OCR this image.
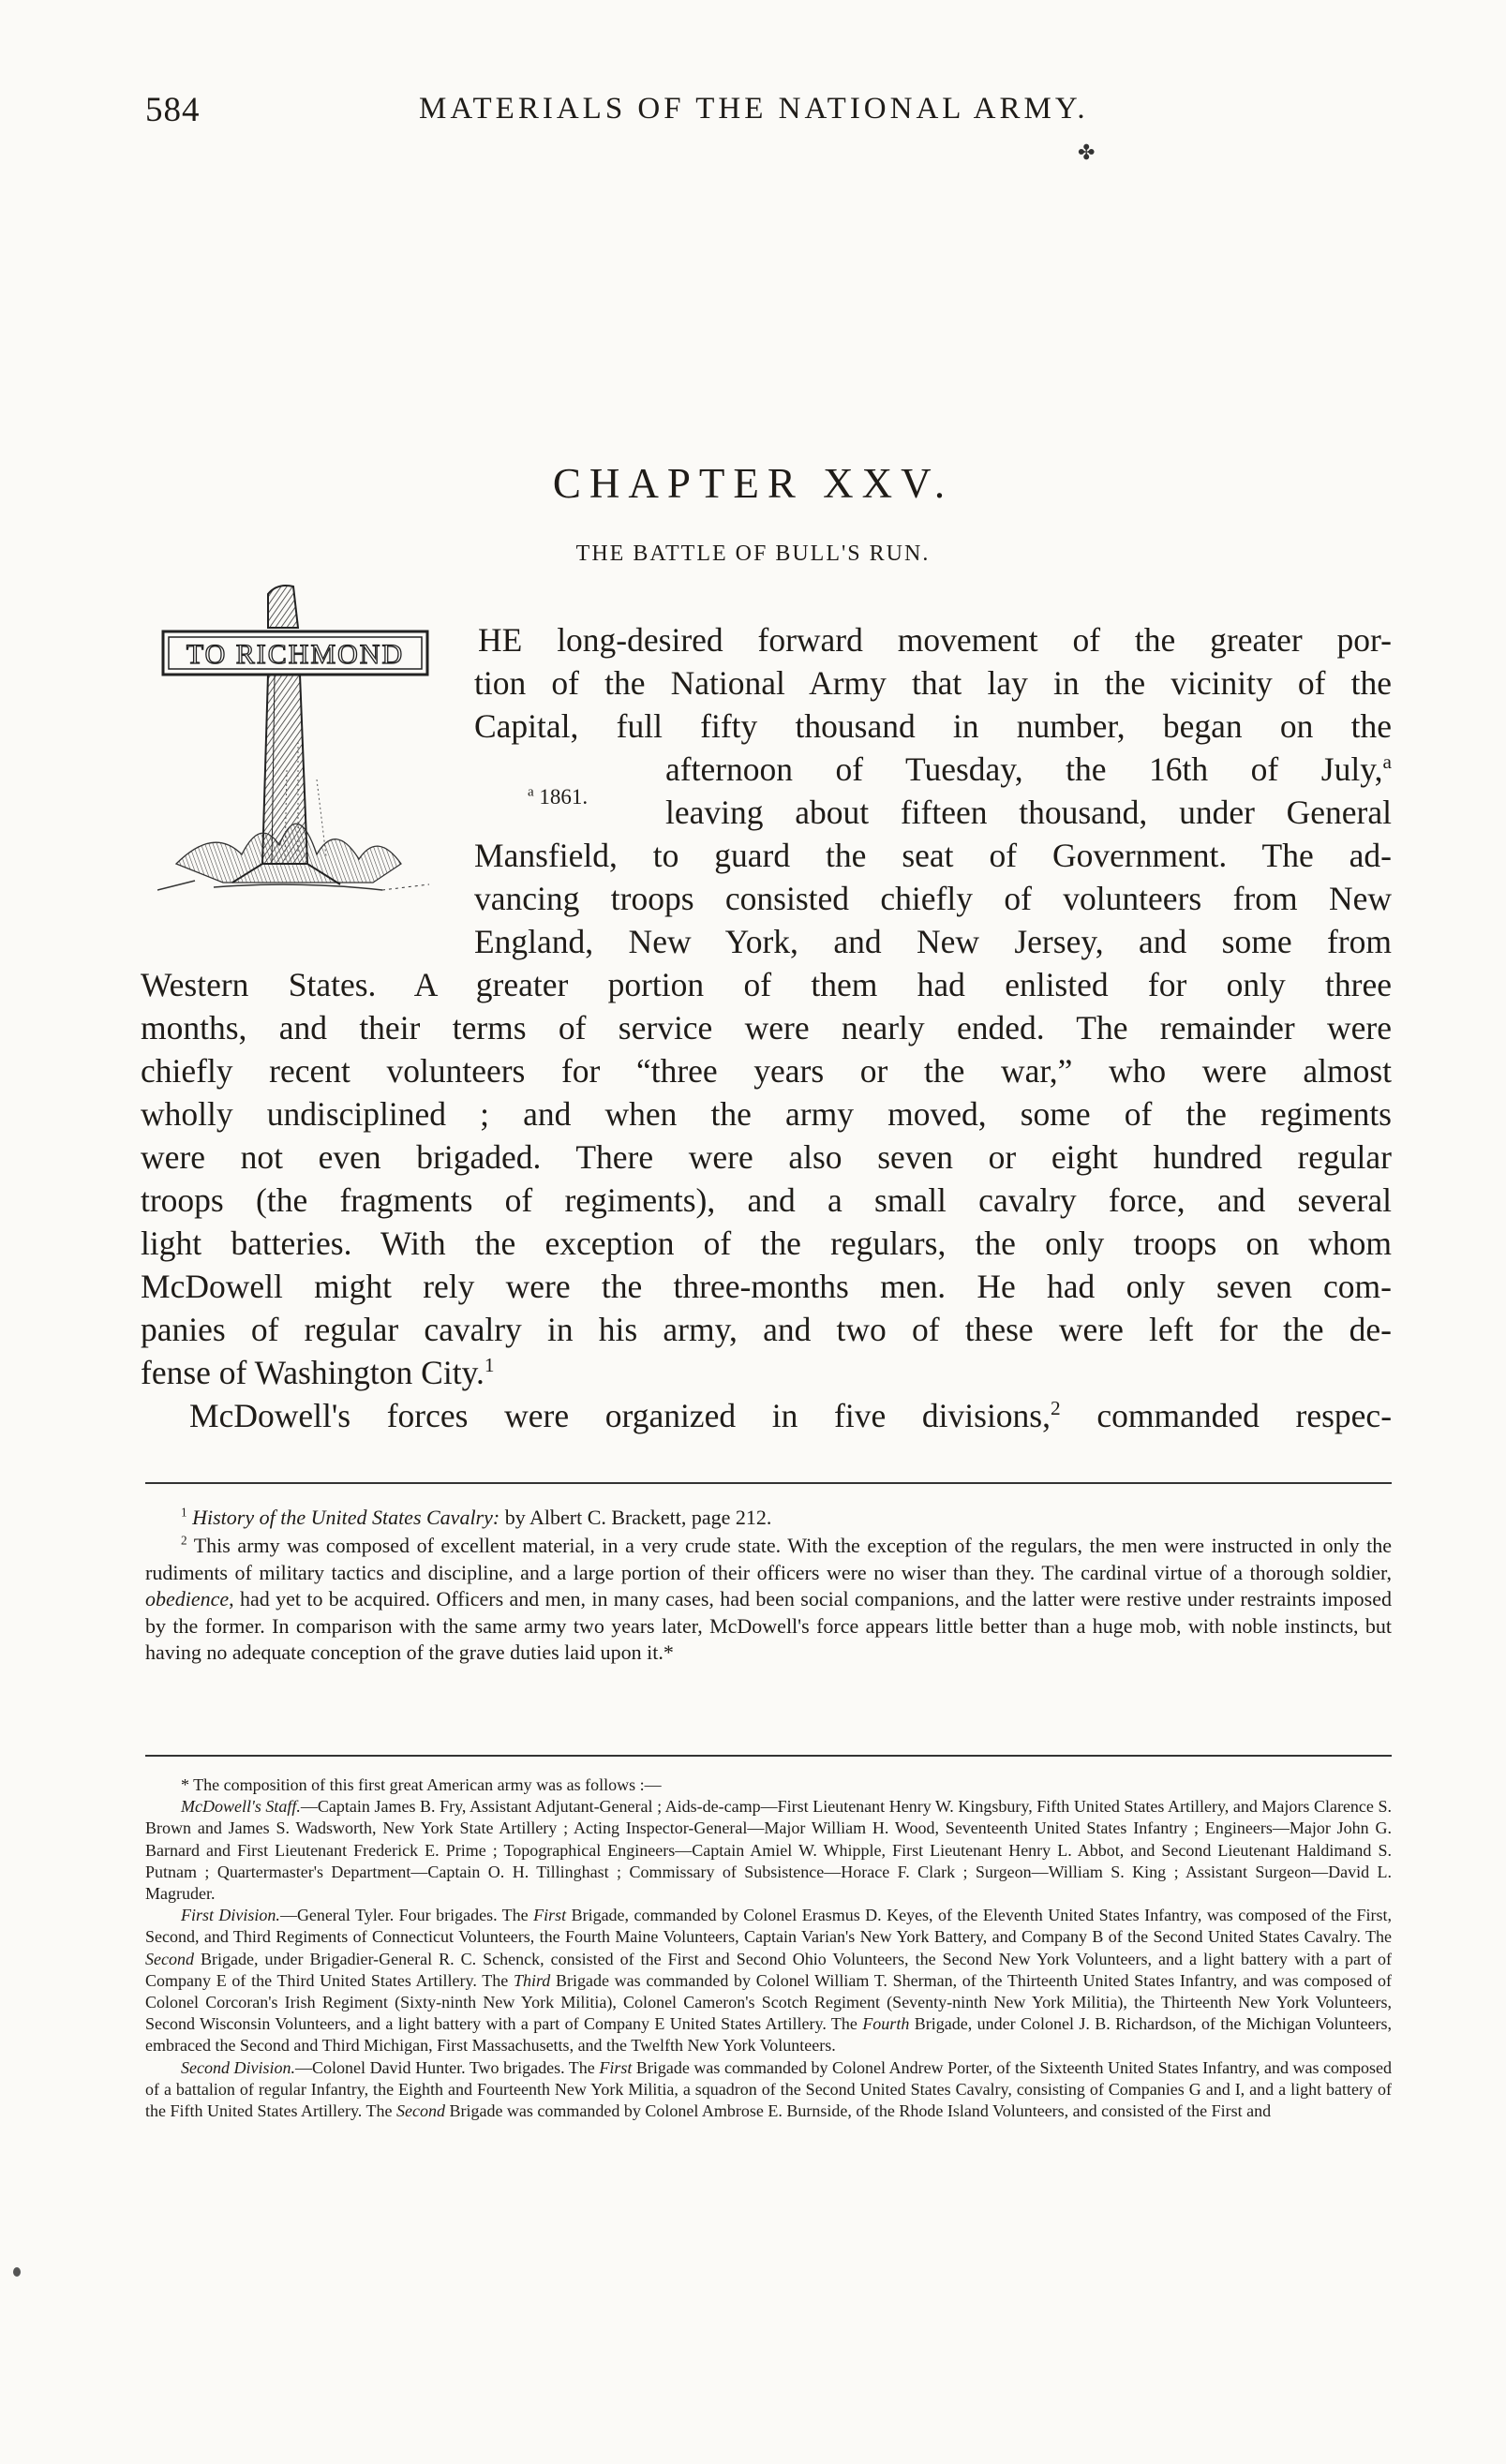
584	MATERIALS OF THE NATIONAL ARMY.
✤
CHAPTER XXV.
THE BATTLE OF BULL'S RUN.
TO RICHMOND
$^a$ 1861.
HE long-desired forward movement of the greater por-
tion of the National Army that lay in the vicinity of the
Capital, full fifty thousand in number, began on the
afternoon of Tuesday, the 16th of July,$^a$
leaving about fifteen thousand, under General
Mansfield, to guard the seat of Government. The ad-
vancing troops consisted chiefly of volunteers from New
England, New York, and New Jersey, and some from
Western States. A greater portion of them had enlisted for only three
months, and their terms of service were nearly ended. The remainder were
chiefly recent volunteers for “three years or the war,” who were almost
wholly undisciplined ; and when the army moved, some of the regiments
were not even brigaded. There were also seven or eight hundred regular
troops (the fragments of regiments), and a small cavalry force, and several
light batteries. With the exception of the regulars, the only troops on whom
McDowell might rely were the three-months men. He had only seven com-
panies of regular cavalry in his army, and two of these were left for the de-
fense of Washington City.$^1$
McDowell's forces were organized in five divisions,$^2$ commanded respec-
$^1$ History of the United States Cavalry: by Albert C. Brackett, page 212.
$^2$ This army was composed of excellent material, in a very crude state. With the exception of the regulars, the men were instructed in only the rudiments of military tactics and discipline, and a large portion of their officers were no wiser than they. The cardinal virtue of a thorough soldier, obedience, had yet to be acquired. Officers and men, in many cases, had been social companions, and the latter were restive under restraints imposed by the former. In comparison with the same army two years later, McDowell's force appears little better than a huge mob, with noble instincts, but having no adequate conception of the grave duties laid upon it.*
* The composition of this first great American army was as follows :—
McDowell's Staff.—Captain James B. Fry, Assistant Adjutant-General ; Aids-de-camp—First Lieutenant Henry W. Kingsbury, Fifth United States Artillery, and Majors Clarence S. Brown and James S. Wadsworth, New York State Artillery ; Acting Inspector-General—Major William H. Wood, Seventeenth United States Infantry ; Engineers—Major John G. Barnard and First Lieutenant Frederick E. Prime ; Topographical Engineers—Captain Amiel W. Whipple, First Lieutenant Henry L. Abbot, and Second Lieutenant Haldimand S. Putnam ; Quartermaster's Department—Captain O. H. Tillinghast ; Commissary of Subsistence—Horace F. Clark ; Surgeon—William S. King ; Assistant Surgeon—David L. Magruder.
First Division.—General Tyler. Four brigades. The First Brigade, commanded by Colonel Erasmus D. Keyes, of the Eleventh United States Infantry, was composed of the First, Second, and Third Regiments of Connecticut Volunteers, the Fourth Maine Volunteers, Captain Varian's New York Battery, and Company B of the Second United States Cavalry. The Second Brigade, under Brigadier-General R. C. Schenck, consisted of the First and Second Ohio Volunteers, the Second New York Volunteers, and a light battery with a part of Company E of the Third United States Artillery. The Third Brigade was commanded by Colonel William T. Sherman, of the Thirteenth United States Infantry, and was composed of Colonel Corcoran's Irish Regiment (Sixty-ninth New York Militia), Colonel Cameron's Scotch Regiment (Seventy-ninth New York Militia), the Thirteenth New York Volunteers, Second Wisconsin Volunteers, and a light battery with a part of Company E United States Artillery. The Fourth Brigade, under Colonel J. B. Richardson, of the Michigan Volunteers, embraced the Second and Third Michigan, First Massachusetts, and the Twelfth New York Volunteers.
Second Division.—Colonel David Hunter. Two brigades. The First Brigade was commanded by Colonel Andrew Porter, of the Sixteenth United States Infantry, and was composed of a battalion of regular Infantry, the Eighth and Fourteenth New York Militia, a squadron of the Second United States Cavalry, consisting of Companies G and I, and a light battery of the Fifth United States Artillery. The Second Brigade was commanded by Colonel Ambrose E. Burnside, of the Rhode Island Volunteers, and consisted of the First and
